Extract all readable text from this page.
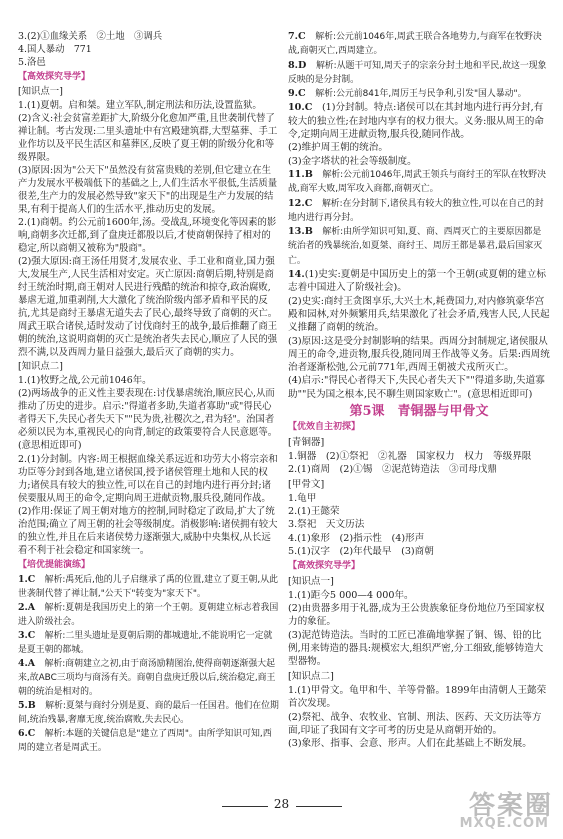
3.(2)①血缘关系　②土地　③调兵

4.国人暴动　771

5.洛邑

【 高效探究导学 】
[ 知识点一 ]

1.(1)夏朝。启和桀。建立军队,制定刑法和历法,设置监狱。

(2)含义:社会贫富差距扩大,阶级分化愈加严重,且世袭制代替了禅让制。考古发现:二里头遗址中有宫殿建筑群,大型墓葬、手工业作坊以及平民生活区和墓葬区,反映了夏王朝的阶级分化和等级界限。

(3)原因:因为"公天下"虽然没有贫富贵贱的差别,但它建立在生产力发展水平极端低下的基础之上,人们生活水平很低,生活质量很差,生产力的发展必然导致"家天下"的出现是生产力发展的结果,有利于提高人们的生活水平,推动历史的发展。

2.(1)商朝。约公元前1600年,汤。受战乱,环境变化等因素的影响,商朝多次迁都,到了盘庚迁都殷以后,才使商朝保持了相对的稳定,所以商朝又被称为"殷商"。

(2)强大原因:商王汤任用贤才,发展农业、手工业和商业,国力强大,发展生产,人民生活相对安定。灭亡原因:商朝后期,特别是商纣王统治时期,商王朝对人民进行残酷的统治和掠夺,政治腐败,暴虐无道,加重剥削,大大激化了统治阶级内部矛盾和平民的反抗,尤其是商纣王暴虐无道失去了民心,最终导致了商朝的灭亡。周武王联合诸侯,适时发动了讨伐商纣王的战争,最后推翻了商王朝的统治,这说明商朝的灭亡是统治者失去民心,顺应了人民的强烈不满,以及西周力量日益强大,最后灭了商朝的实力。

[ 知识点二 ]

1.(1)牧野之战,公元前1046年。

(2)两场战争的正义性主要表现在:讨伐暴虐统治,顺应民心,从而推动了历史的进步。启示:"得道者多助,失道者寡助"或"得民心者得天下,失民心者失天下""民为贵,社稷次之,君为轻"。治国者必须以民为本,重视民心的向背,制定的政策要符合人民意愿等。(意思相近即可)

2.(1)分封制。内容:周王根据血缘关系远近和功劳大小将宗亲和功臣等分封到各地,建立诸侯国,授予诸侯管理土地和人民的权力;诸侯具有较大的独立性,可以在自己的封地内进行再分封;诸侯要服从周王的命令,定期向周王进献贡物,服兵役,随同作战。

(2)作用:保证了周王朝对地方的控制,同时稳定了政局,扩大了统治范围;确立了周王朝的社会等级制度。消极影响:诸侯拥有较大的独立性,并且在后来诸侯势力逐渐强大,威胁中央集权,从长远看不利于社会稳定和国家统一。

【 培优提能演练 】

1.C　 解析:禹死后,他的儿子启继承了禹的位置,建立了夏王朝,从此世袭制代替了禅让制,"公天下"转变为"家天下"。

2.A　 解析:夏朝是我国历史上的第一个王朝。夏朝建立标志着我国进入阶级社会。

3.C　 解析:二里头遗址是夏朝后期的都城遗址,不能说明它一定就是夏王朝的都城。

4.A　 解析:商朝建立之初,由于商汤励精图治,使得商朝逐渐强大起来,故ABC三项均与商汤有关。商朝自盘庚迁殷以后,统治稳定,商王朝的统治是相对的。

5.B　 解析:夏桀与商纣分别是夏、商的最后一任国君。他们在位期间,统治残暴,奢靡无度,统治腐败,失去民心。

6.C　 解析:本题的关键信息是"建立了西周"。由所学知识可知,西周的建立者是周武王。

7.C　 解析:公元前1046年,周武王联合各地势力,与商军在牧野决战,商朝灭亡,西周建立。

8.D　 解析:从题干可知,周天子的宗亲分封土地和平民,故这一现象反映的是分封制。

9.C　 解析:公元前841年,周厉王与民争利,引发"国人暴动"。

10.C　 (1)分封制。特点:诸侯可以在其封地内进行再分封,有较大的独立性;在封地内享有的权力很大。义务:服从周王的命令,定期向周王进献贡物,服兵役,随同作战。

(2)维护周王朝的统治。

(3)金字塔状的社会等级制度。

11.B　 解析:公元前1046年,周武王领兵与商纣王的军队在牧野决战,商军大败,周军攻入商都,商朝灭亡。

12.C　 解析:在分封制下,诸侯具有较大的独立性,可以在自己的封地内进行再分封。

13.B　 解析:由所学知识可知,夏、商、西周灭亡的主要原因都是统治者的残暴统治,如夏桀、商纣王、周厉王都是暴君,最后国家灭亡。

14.(1)史实:夏朝是中国历史上的第一个王朝(或夏朝的建立标志着中国进入了阶级社会)。

(2)史实:商纣王贪图享乐,大兴土木,耗费国力,对内修筑豪华宫殿和园林,对外频繁用兵,结果激化了社会矛盾,残害人民,人民起义推翻了商朝的统治。

(3)原因:这是受分封制影响的结果。西周分封制规定,诸侯服从周王的命令,进贡物,服兵役,随同周王作战等义务。后果:西周统治者逐渐松弛,公元前771年,西周王朝被犬戎所灭亡。

(4)启示:"得民心者得天下,失民心者失天下""得道多助,失道寡助""民为国之根本,民不聊生则国家败亡"。(意思相近即可)

第5课　青铜器与甲骨文
【 优效自主初探 】
[ 青铜器 ]

1.铜器　(2)①祭祀　②礼器　国家权力　权力　等级界限

2.(1)商周　(2)①锡　②泥范铸造法　③司母戊鼎

[ 甲骨文 ]

1.龟甲

2.(1)王懿荣

3.祭祀　天文历法

4.(1)象形　(2)指示性　(4)形声

5.(1)汉字　(2)年代最早　(3)商朝

【 高效探究导学 】
[ 知识点一 ]

1.(1)距今5 000—4 000年。

(2)由贵器多用于礼器,成为王公贵族象征身份地位乃至国家权力的象征。

(3)泥范铸造法。当时的工匠已准确地掌握了铜、锡、铅的比例,用来铸造的器具:规模宏大,组织严密,分工细致,能够铸造大型器物。

[ 知识点二 ]

1.(1)甲骨文。龟甲和牛、羊等骨骼。1899年由清朝人王懿荣首次发现。

(2)祭祀、战争、农牧业、官制、刑法、医药、天文历法等方面,印证了我国有文字可考的历史是从商朝开始的。

(3)象形、指事、会意、形声。人们在此基础上不断发展。

28	答案圈
MXQE.COM
